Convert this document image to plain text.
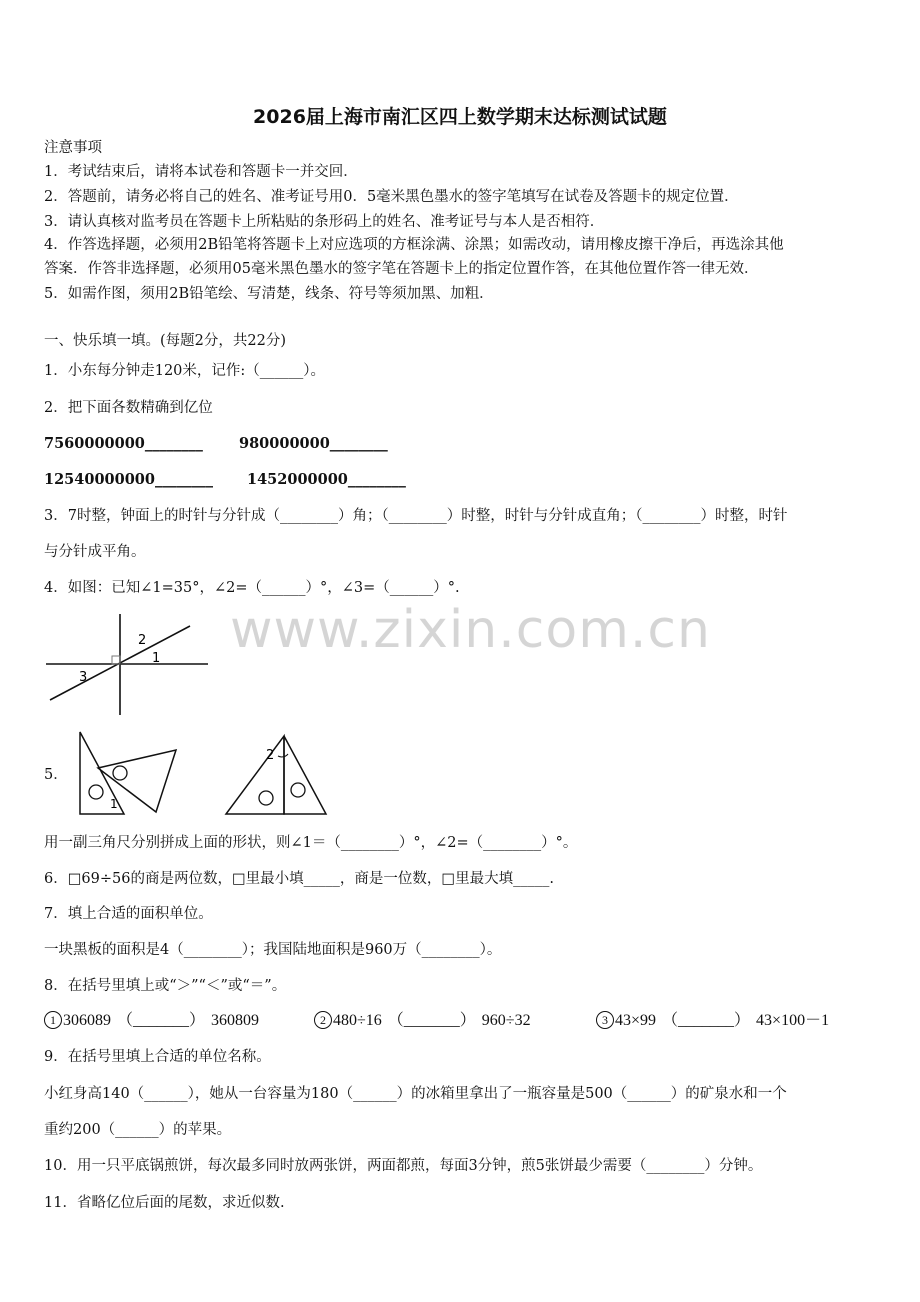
2026届上海市南汇区四上数学期末达标测试试题
注意事项
1．考试结束后，请将本试卷和答题卡一并交回．
2．答题前，请务必将自己的姓名、准考证号用0．5毫米黑色墨水的签字笔填写在试卷及答题卡的规定位置．
3．请认真核对监考员在答题卡上所粘贴的条形码上的姓名、准考证号与本人是否相符．
4．作答选择题，必须用2B铅笔将答题卡上对应选项的方框涂满、涂黑；如需改动，请用橡皮擦干净后，再选涂其他
答案．作答非选择题，必须用05毫米黑色墨水的签字笔在答题卡上的指定位置作答，在其他位置作答一律无效．
5．如需作图，须用2B铅笔绘、写清楚，线条、符号等须加黑、加粗．
一、快乐填一填。(每题2分，共22分)
1．小东每分钟走120米，记作:（______）。
2．把下面各数精确到亿位
7560000000________ 980000000________
12540000000________ 1452000000________
3．7时整，钟面上的时针与分针成（________）角；（________）时整，时针与分针成直角；（________）时整，时针
与分针成平角。
4．如图：已知∠1=35°，∠2=（______）°，∠3=（______）°.
2
1
3
5．
1
2
用一副三角尺分别拼成上面的形状，则∠1＝（________）°，∠2=（________）°。
6．□69÷56的商是两位数，□里最小填_____，商是一位数，□里最大填_____.
7．填上合适的面积单位。
一块黑板的面积是4（________）；我国陆地面积是960万（________）。
8．在括号里填上或“＞”“＜”或“＝”。
1 306089 （_______） 360809	2 480÷16 （_______） 960÷32	3 43×99 （_______） 43×100－1
9．在括号里填上合适的单位名称。
小红身高140（______），她从一台容量为180（______）的冰箱里拿出了一瓶容量是500（______）的矿泉水和一个
重约200（______）的苹果。
10．用一只平底锅煎饼，每次最多同时放两张饼，两面都煎，每面3分钟，煎5张饼最少需要（________）分钟。
11．省略亿位后面的尾数，求近似数.
www.zixin.com.cn
